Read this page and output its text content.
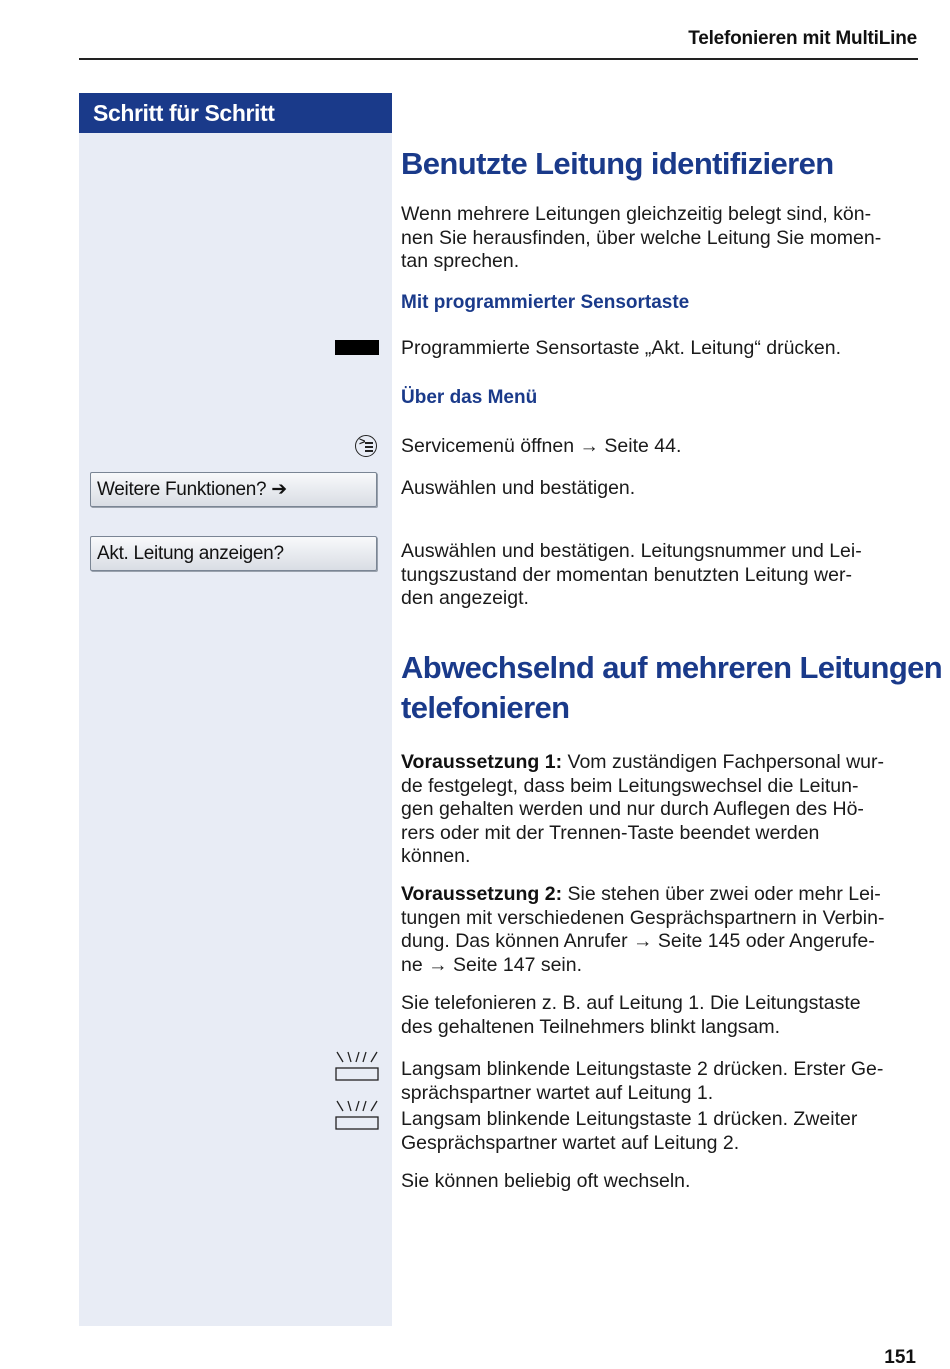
Telefonieren mit MultiLine
Schritt für Schritt
>
Weitere Funktionen? ➔
Akt. Leitung anzeigen?
Benutzte Leitung identifizieren

Wenn mehrere Leitungen gleichzeitig belegt sind, kön-
nen Sie herausfinden, über welche Leitung Sie momen-
tan sprechen.

Mit programmierter Sensortaste

Programmierte Sensortaste „Akt. Leitung“ drücken.

Über das Menü

Servicemenü öffnen → Seite 44.

Auswählen und bestätigen.

Auswählen und bestätigen. Leitungsnummer und Lei-
tungszustand der momentan benutzten Leitung wer-
den angezeigt.

Abwechselnd auf mehreren Leitungen
telefonieren

Voraussetzung 1: Vom zuständigen Fachpersonal wur-
de festgelegt, dass beim Leitungswechsel die Leitun-
gen gehalten werden und nur durch Auflegen des Hö-
rers oder mit der Trennen-Taste beendet werden
können.

Voraussetzung 2: Sie stehen über zwei oder mehr Lei-
tungen mit verschiedenen Gesprächspartnern in Verbin-
dung. Das können Anrufer → Seite 145 oder Angerufe-
ne → Seite 147 sein.

Sie telefonieren z. B. auf Leitung 1. Die Leitungstaste
des gehaltenen Teilnehmers blinkt langsam.

Langsam blinkende Leitungstaste 2 drücken. Erster Ge-
sprächspartner wartet auf Leitung 1.

Langsam blinkende Leitungstaste 1 drücken. Zweiter
Gesprächspartner wartet auf Leitung 2.

Sie können beliebig oft wechseln.

151
